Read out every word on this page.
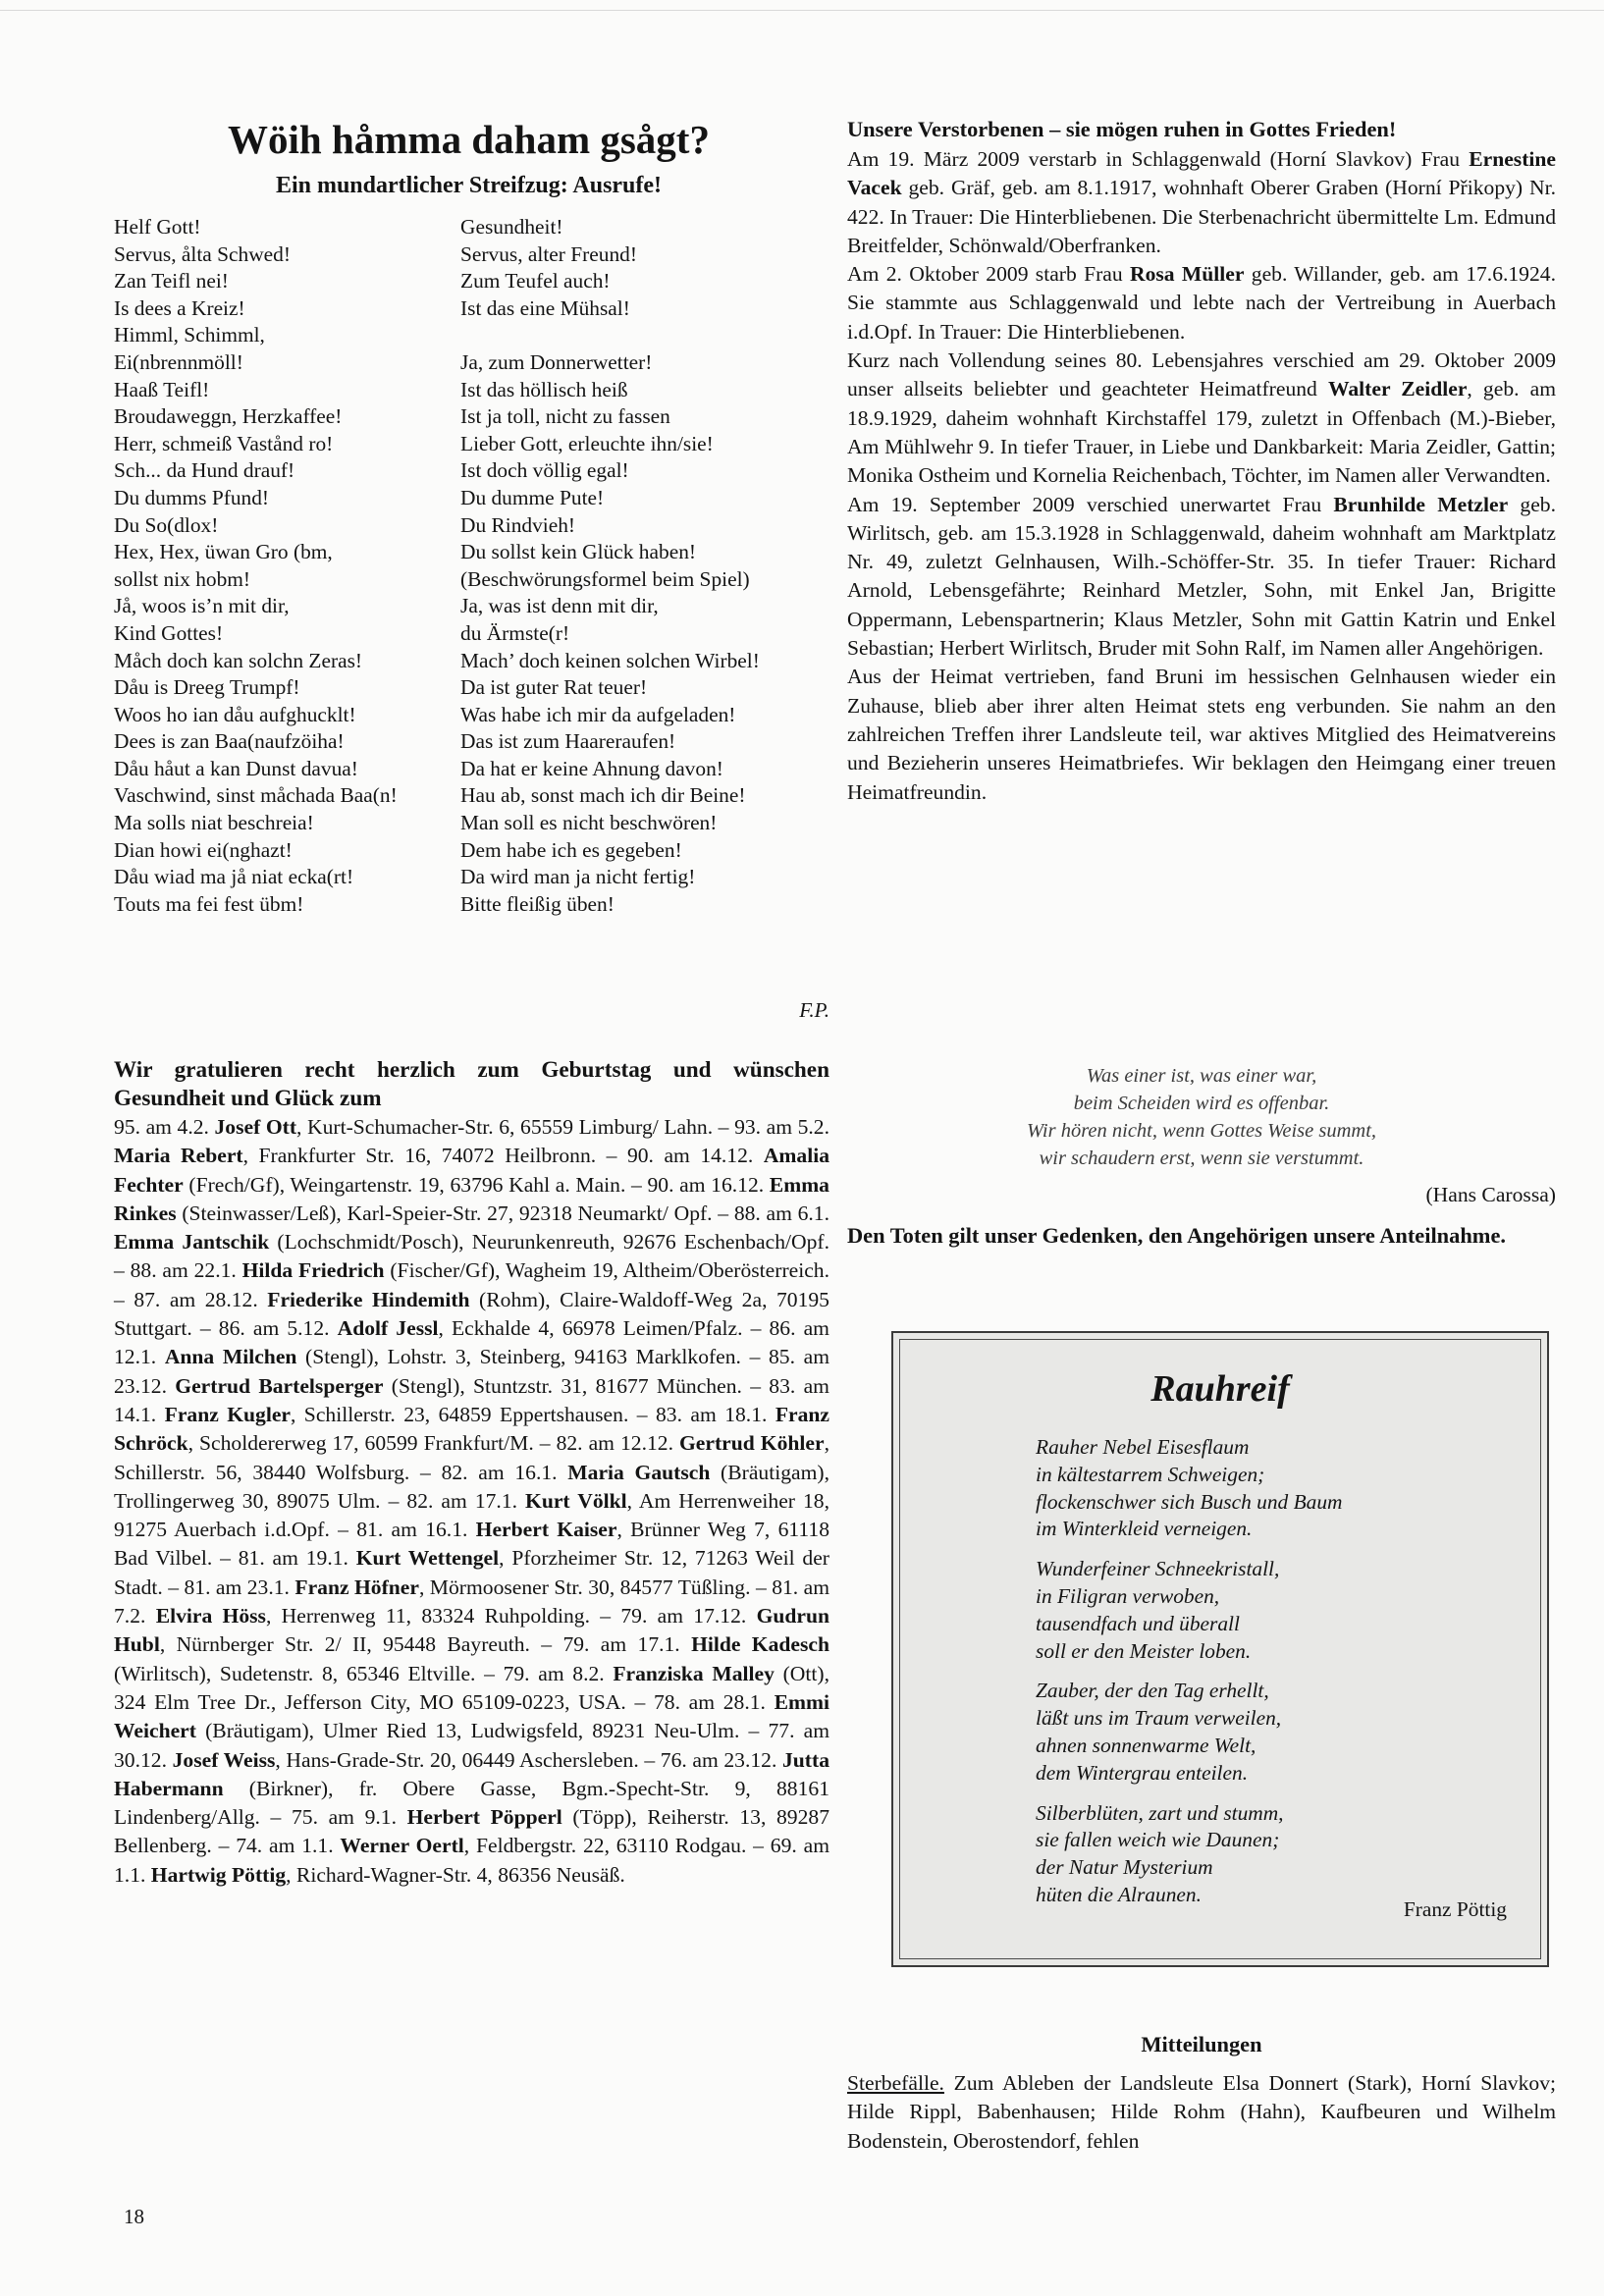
Wöih håmma daham gsågt?
Ein mundartlicher Streifzug: Ausrufe!
Helf Gott!
Servus, ålta Schwed!
Zan Teifl nei!
Is dees a Kreiz!
Himml, Schimml,
Ei(nbrennmöll!
Haaß Teifl!
Broudaweggn, Herzkaffee!
Herr, schmeiß Vastånd ro!
Sch... da Hund drauf!
Du dumms Pfund!
Du So(dlox!
Hex, Hex, üwan Gro (bm,
sollst nix hobm!
Jå, woos is’n mit dir,
Kind Gottes!
Måch doch kan solchn Zeras!
Dåu is Dreeg Trumpf!
Woos ho ian dåu aufghucklt!
Dees is zan Baa(naufzöiha!
Dåu håut a kan Dunst davua!
Vaschwind, sinst måchada Baa(n!
Ma solls niat beschreia!
Dian howi ei(nghazt!
Dåu wiad ma jå niat ecka(rt!
Touts ma fei fest übm!
Gesundheit!
Servus, alter Freund!
Zum Teufel auch!
Ist das eine Mühsal!

Ja, zum Donnerwetter!
Ist das höllisch heiß
Ist ja toll, nicht zu fassen
Lieber Gott, erleuchte ihn/sie!
Ist doch völlig egal!
Du dumme Pute!
Du Rindvieh!
Du sollst kein Glück haben!
(Beschwörungsformel beim Spiel)
Ja, was ist denn mit dir,
du Ärmste(r!
Mach’ doch keinen solchen Wirbel!
Da ist guter Rat teuer!
Was habe ich mir da aufgeladen!
Das ist zum Haareraufen!
Da hat er keine Ahnung davon!
Hau ab, sonst mach ich dir Beine!
Man soll es nicht beschwören!
Dem habe ich es gegeben!
Da wird man ja nicht fertig!
Bitte fleißig üben!
F.P.
Wir gratulieren recht herzlich zum Geburtstag und wünschen Gesundheit und Glück zum
95. am 4.2. Josef Ott, Kurt-Schumacher-Str. 6, 65559 Limburg/ Lahn. – 93. am 5.2. Maria Rebert, Frankfurter Str. 16, 74072 Heilbronn. – 90. am 14.12. Amalia Fechter (Frech/Gf), Weingartenstr. 19, 63796 Kahl a. Main. – 90. am 16.12. Emma Rinkes (Steinwasser/Leß), Karl-Speier-Str. 27, 92318 Neumarkt/ Opf. – 88. am 6.1. Emma Jantschik (Lochschmidt/Posch), Neurunkenreuth, 92676 Eschenbach/Opf. – 88. am 22.1. Hilda Friedrich (Fischer/Gf), Wagheim 19, Altheim/Oberösterreich. – 87. am 28.12. Friederike Hindemith (Rohm), Claire-Waldoff-Weg 2a, 70195 Stuttgart. – 86. am 5.12. Adolf Jessl, Eckhalde 4, 66978 Leimen/Pfalz. – 86. am 12.1. Anna Milchen (Stengl), Lohstr. 3, Steinberg, 94163 Marklkofen. – 85. am 23.12. Gertrud Bartelsperger (Stengl), Stuntzstr. 31, 81677 München. – 83. am 14.1. Franz Kugler, Schillerstr. 23, 64859 Eppertshausen. – 83. am 18.1. Franz Schröck, Scholdererweg 17, 60599 Frankfurt/M. – 82. am 12.12. Gertrud Köhler, Schillerstr. 56, 38440 Wolfsburg. – 82. am 16.1. Maria Gautsch (Bräutigam), Trollingerweg 30, 89075 Ulm. – 82. am 17.1. Kurt Völkl, Am Herrenweiher 18, 91275 Auerbach i.d.Opf. – 81. am 16.1. Herbert Kaiser, Brünner Weg 7, 61118 Bad Vilbel. – 81. am 19.1. Kurt Wettengel, Pforzheimer Str. 12, 71263 Weil der Stadt. – 81. am 23.1. Franz Höfner, Mörmoosener Str. 30, 84577 Tüßling. – 81. am 7.2. Elvira Höss, Herrenweg 11, 83324 Ruhpolding. – 79. am 17.12. Gudrun Hubl, Nürnberger Str. 2/ II, 95448 Bayreuth. – 79. am 17.1. Hilde Kadesch (Wirlitsch), Sudetenstr. 8, 65346 Eltville. – 79. am 8.2. Franziska Malley (Ott), 324 Elm Tree Dr., Jefferson City, MO 65109-0223, USA. – 78. am 28.1. Emmi Weichert (Bräutigam), Ulmer Ried 13, Ludwigsfeld, 89231 Neu-Ulm. – 77. am 30.12. Josef Weiss, Hans-Grade-Str. 20, 06449 Aschersleben. – 76. am 23.12. Jutta Habermann (Birkner), fr. Obere Gasse, Bgm.-Specht-Str. 9, 88161 Lindenberg/Allg. – 75. am 9.1. Herbert Pöpperl (Töpp), Reiherstr. 13, 89287 Bellenberg. – 74. am 1.1. Werner Oertl, Feldbergstr. 22, 63110 Rodgau. – 69. am 1.1. Hartwig Pöttig, Richard-Wagner-Str. 4, 86356 Neusäß.
18
Unsere Verstorbenen – sie mögen ruhen in Gottes Frieden!
Am 19. März 2009 verstarb in Schlaggenwald (Horní Slavkov) Frau Ernestine Vacek geb. Gräf, geb. am 8.1.1917, wohnhaft Oberer Graben (Horní Přikopy) Nr. 422. In Trauer: Die Hinterbliebenen. Die Sterbenachricht übermittelte Lm. Edmund Breitfelder, Schönwald/Oberfranken.
Am 2. Oktober 2009 starb Frau Rosa Müller geb. Willander, geb. am 17.6.1924. Sie stammte aus Schlaggenwald und lebte nach der Vertreibung in Auerbach i.d.Opf. In Trauer: Die Hinterbliebenen.
Kurz nach Vollendung seines 80. Lebensjahres verschied am 29. Oktober 2009 unser allseits beliebter und geachteter Heimatfreund Walter Zeidler, geb. am 18.9.1929, daheim wohnhaft Kirchstaffel 179, zuletzt in Offenbach (M.)-Bieber, Am Mühlwehr 9. In tiefer Trauer, in Liebe und Dankbarkeit: Maria Zeidler, Gattin; Monika Ostheim und Kornelia Reichenbach, Töchter, im Namen aller Verwandten.
Am 19. September 2009 verschied unerwartet Frau Brunhilde Metzler geb. Wirlitsch, geb. am 15.3.1928 in Schlaggenwald, daheim wohnhaft am Marktplatz Nr. 49, zuletzt Gelnhausen, Wilh.-Schöffer-Str. 35. In tiefer Trauer: Richard Arnold, Lebensgefährte; Reinhard Metzler, Sohn, mit Enkel Jan, Brigitte Oppermann, Lebenspartnerin; Klaus Metzler, Sohn mit Gattin Katrin und Enkel Sebastian; Herbert Wirlitsch, Bruder mit Sohn Ralf, im Namen aller Angehörigen.
Aus der Heimat vertrieben, fand Bruni im hessischen Gelnhausen wieder ein Zuhause, blieb aber ihrer alten Heimat stets eng verbunden. Sie nahm an den zahlreichen Treffen ihrer Landsleute teil, war aktives Mitglied des Heimatvereins und Bezieherin unseres Heimatbriefes. Wir beklagen den Heimgang einer treuen Heimatfreundin.
Was einer ist, was einer war,
beim Scheiden wird es offenbar.
Wir hören nicht, wenn Gottes Weise summt,
wir schaudern erst, wenn sie verstummt.
(Hans Carossa)
Den Toten gilt unser Gedenken, den Angehörigen unsere Anteilnahme.
Rauhreif
Rauher Nebel Eisesflaum
in kältestarrem Schweigen;
flockenschwer sich Busch und Baum
im Winterkleid verneigen.
Wunderfeiner Schneekristall,
in Filigran verwoben,
tausendfach und überall
soll er den Meister loben.
Zauber, der den Tag erhellt,
läßt uns im Traum verweilen,
ahnen sonnenwarme Welt,
dem Wintergrau enteilen.
Silberblüten, zart und stumm,
sie fallen weich wie Daunen;
der Natur Mysterium
hüten die Alraunen.
Franz Pöttig
Mitteilungen
Sterbefälle. Zum Ableben der Landsleute Elsa Donnert (Stark), Horní Slavkov; Hilde Rippl, Babenhausen; Hilde Rohm (Hahn), Kaufbeuren und Wilhelm Bodenstein, Oberostendorf, fehlen
